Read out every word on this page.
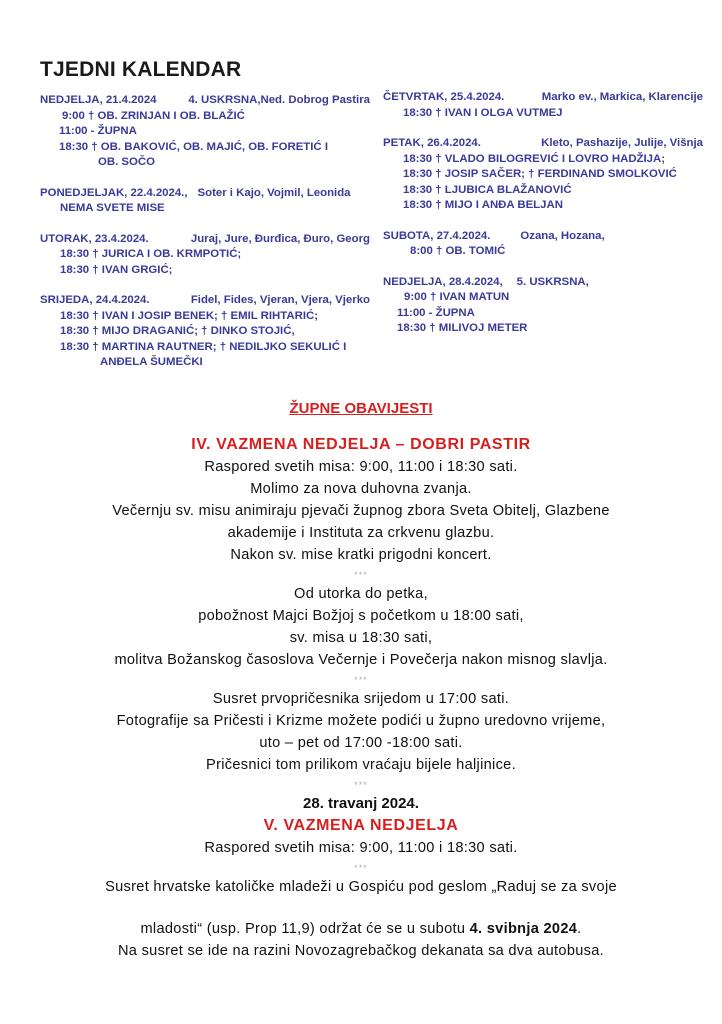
TJEDNI KALENDAR
NEDJELJA, 21.4.2024	4. USKRSNA,Ned. Dobrog Pastira
9:00 † OB. ZRINJAN I OB. BLAŽIĆ
11:00 - ŽUPNA
18:30 † OB. BAKOVIĆ, OB. MAJIĆ, OB. FORETIĆ I
OB. SOČO
PONEDJELJAK, 22.4.2024., Soter i Kajo, Vojmil, Leonida
NEMA SVETE MISE
UTORAK, 23.4.2024.	Juraj, Jure, Đurđica, Đuro, Georg
18:30 † JURICA I OB. KRMPOTIĆ;
18:30 † IVAN GRGIĆ;
SRIJEDA, 24.4.2024.	Fidel, Fides, Vjeran, Vjera, Vjerko
18:30 † IVAN I JOSIP BENEK; † EMIL RIHTARIĆ;
18:30 † MIJO DRAGANIĆ; † DINKO STOJIĆ,
18:30 † MARTINA RAUTNER; † NEDILJKO SEKULIĆ I
ANĐELA ŠUMEČKI
ČETVRTAK, 25.4.2024.	Marko ev., Markica, Klarencije
18:30 † IVAN I OLGA VUTMEJ
PETAK, 26.4.2024.	Kleto, Pashazije, Julije, Višnja
18:30 † VLADO BILOGREVIĆ I LOVRO HADŽIJA;
18:30 † JOSIP SAČER; † FERDINAND SMOLKOVIĆ
18:30 † LJUBICA BLAŽANOVIĆ
18:30 † MIJO I ANĐA BELJAN
SUBOTA, 27.4.2024.	Ozana, Hozana,
8:00 † OB. TOMIĆ
NEDJELJA, 28.4.2024,	5. USKRSNA,
9:00 † IVAN MATUN
11:00 - ŽUPNA
18:30 † MILIVOJ METER

ŽUPNE OBAVIJESTI

IV. VAZMENA NEDJELJA – DOBRI PASTIR

Raspored svetih misa: 9:00, 11:00 i 18:30 sati.

Molimo za nova duhovna zvanja.

Večernju sv. misu animiraju pjevači župnog zbora Sveta Obitelj, Glazbene

akademije i Instituta za crkvenu glazbu.

Nakon sv. mise kratki prigodni koncert.

***

Od utorka do petka,

pobožnost Majci Božjoj s početkom u 18:00 sati,

sv. misa u 18:30 sati,

molitva Božanskog časoslova Večernje i Povečerja nakon misnog slavlja.

***

Susret prvopričesnika srijedom u 17:00 sati.

Fotografije sa Pričesti i Krizme možete podići u župno uredovno vrijeme,

uto – pet od 17:00 -18:00 sati.

Pričesnici tom prilikom vraćaju bijele haljinice.

***

28. travanj 2024.

V. VAZMENA NEDJELJA

Raspored svetih misa: 9:00, 11:00 i 18:30 sati.

***

Susret hrvatske katoličke mladeži u Gospiću pod geslom „Raduj se za svoje

mladosti“ (usp. Prop 11,9) održat će se u subotu 4. svibnja 2024.

Na susret se ide na razini Novozagrebačkog dekanata sa dva autobusa.
